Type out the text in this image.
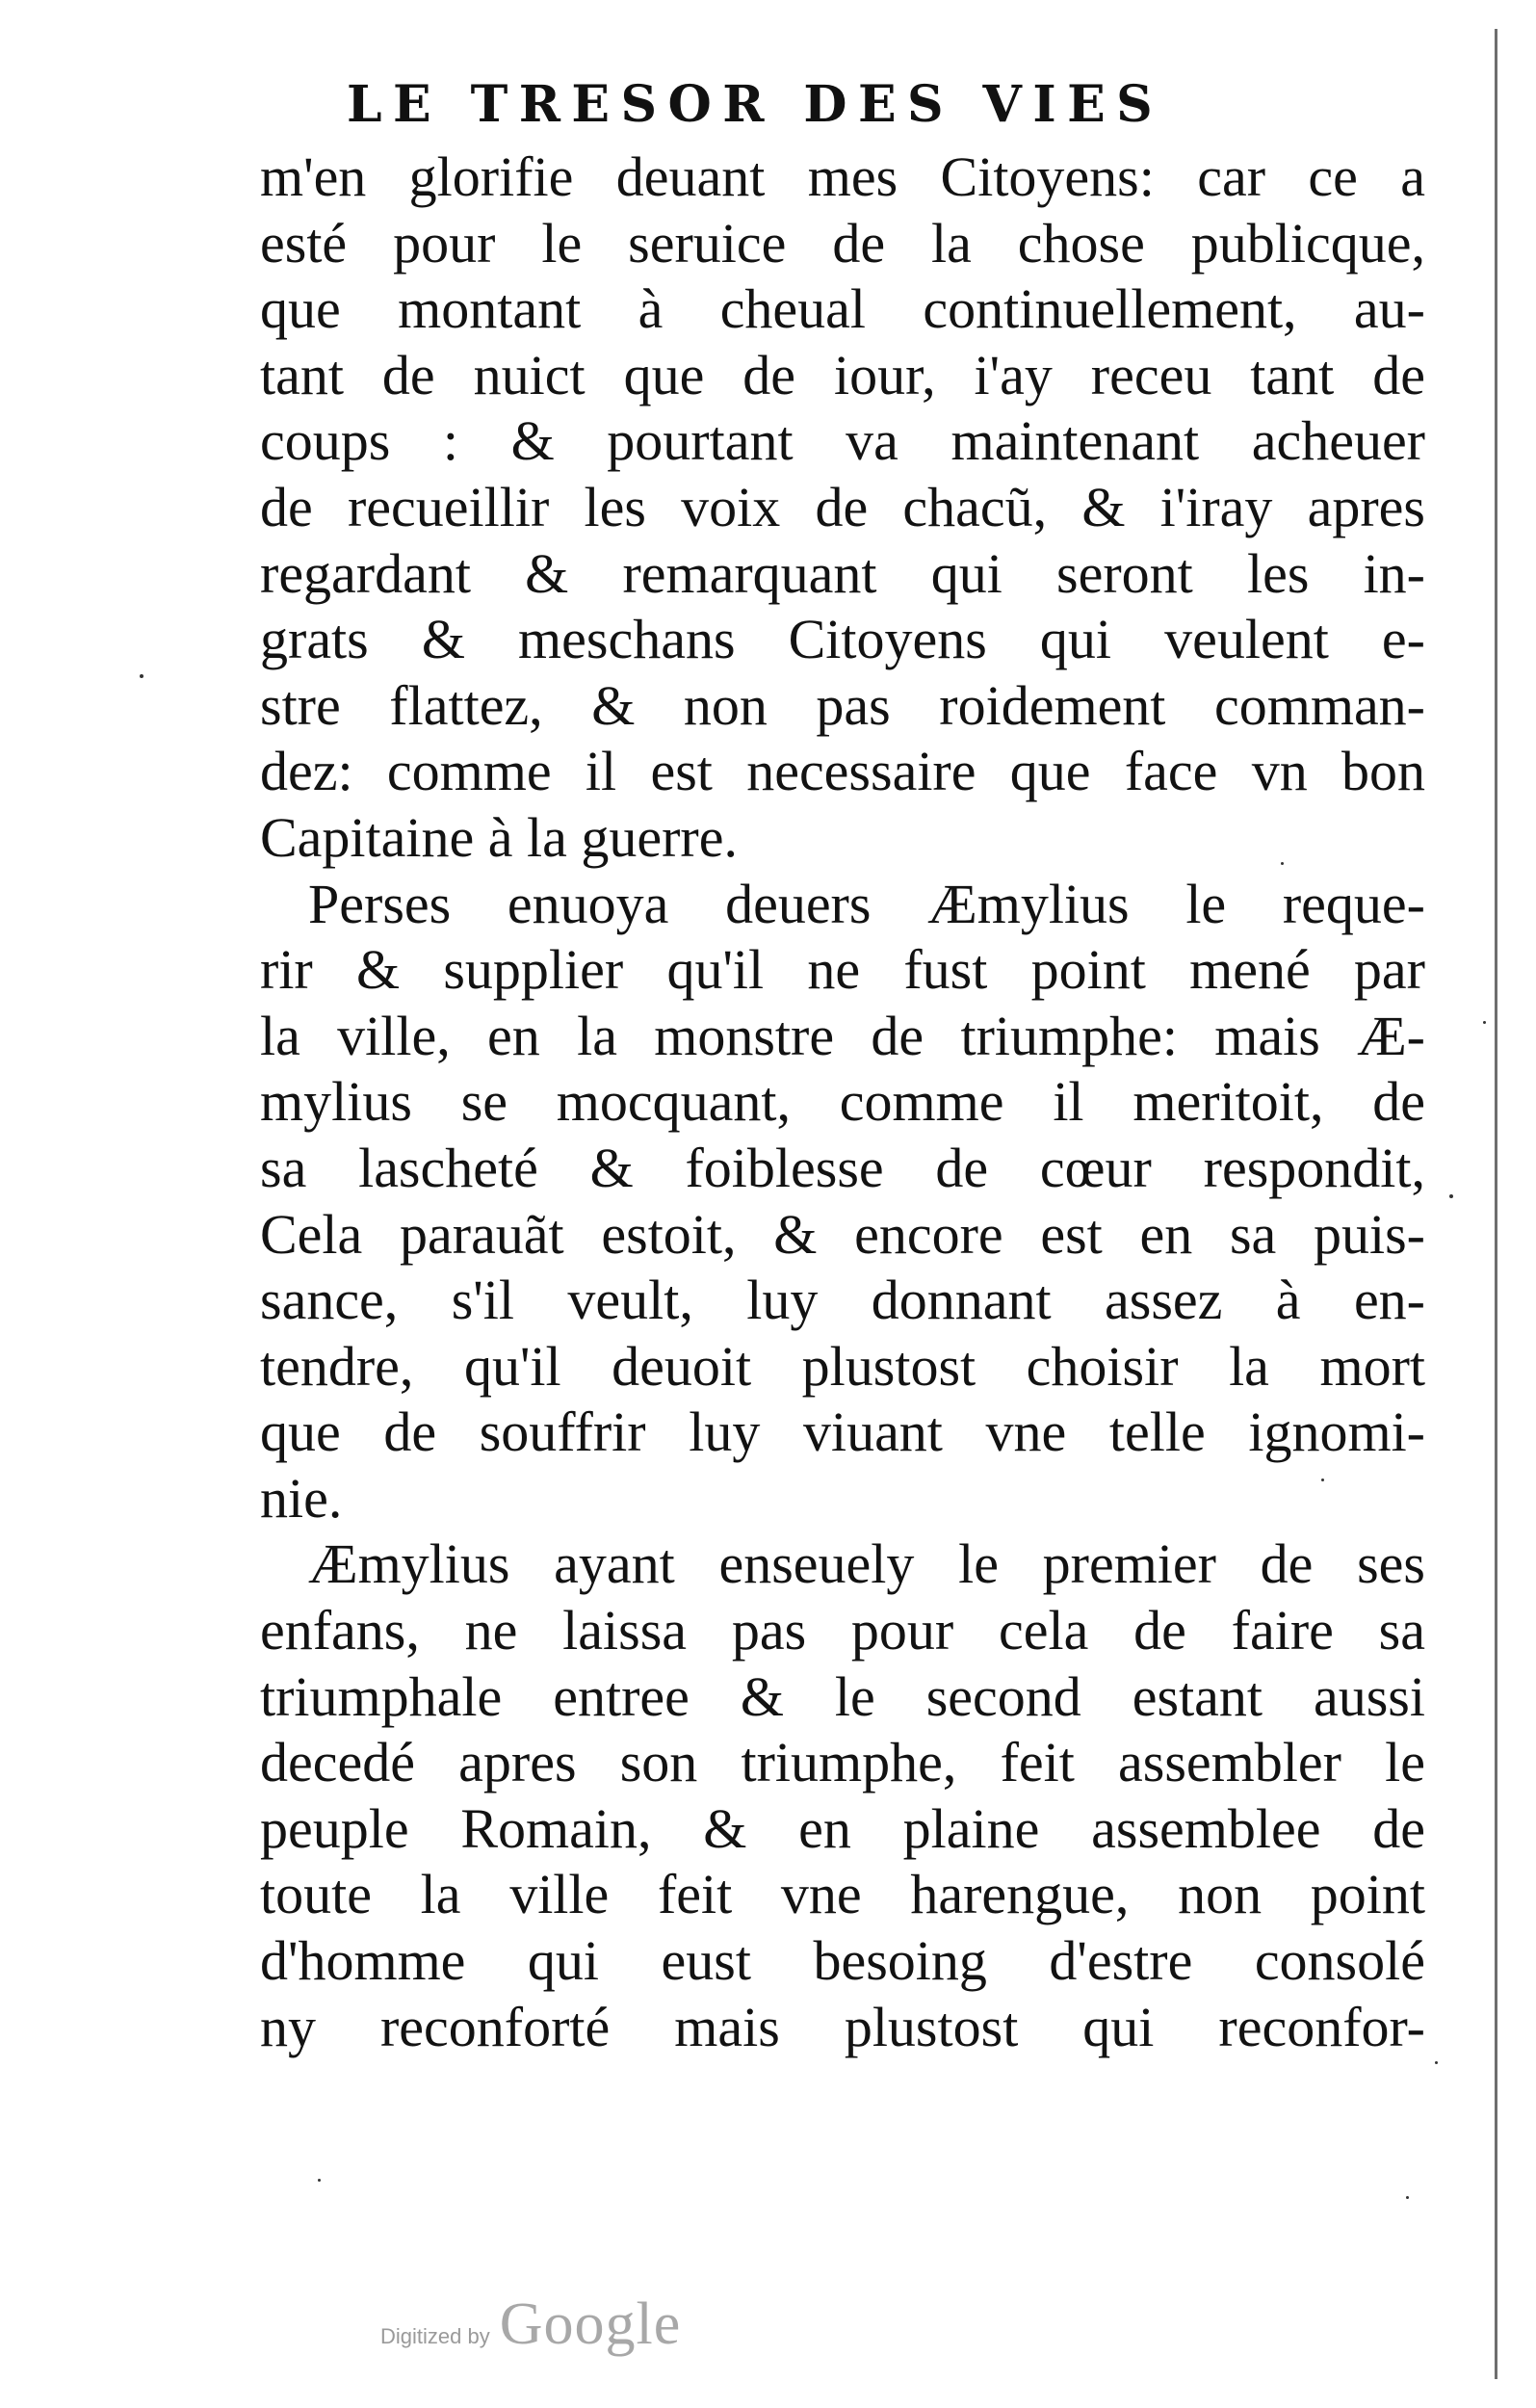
LE TRESOR DES VIES
m'en glorifie deuant mes Citoyens: car ce a
esté pour le seruice de la chose publicque,
que montant à cheual continuellement, au-
tant de nuict que de iour, i'ay receu tant de
coups : & pourtant va maintenant acheuer
de recueillir les voix de chacũ, & i'iray apres
regardant & remarquant qui seront les in-
grats & meschans Citoyens qui veulent e-
stre flattez, & non pas roidement comman-
dez: comme il est necessaire que face vn bon
Capitaine à la guerre.
Perses enuoya deuers Æmylius le reque-
rir & supplier qu'il ne fust point mené par
la ville, en la monstre de triumphe: mais Æ-
mylius se mocquant, comme il meritoit, de
sa lascheté & foiblesse de cœur respondit,
Cela parauãt estoit, & encore est en sa puis-
sance, s'il veult, luy donnant assez à en-
tendre, qu'il deuoit plustost choisir la mort
que de souffrir luy viuant vne telle ignomi-
nie.
Æmylius ayant enseuely le premier de ses
enfans, ne laissa pas pour cela de faire sa
triumphale entree & le second estant aussi
decedé apres son triumphe, feit assembler le
peuple Romain, & en plaine assemblee de
toute la ville feit vne harengue, non point
d'homme qui eust besoing d'estre consolé
ny reconforté mais plustost qui reconfor-
Digitized by Google
